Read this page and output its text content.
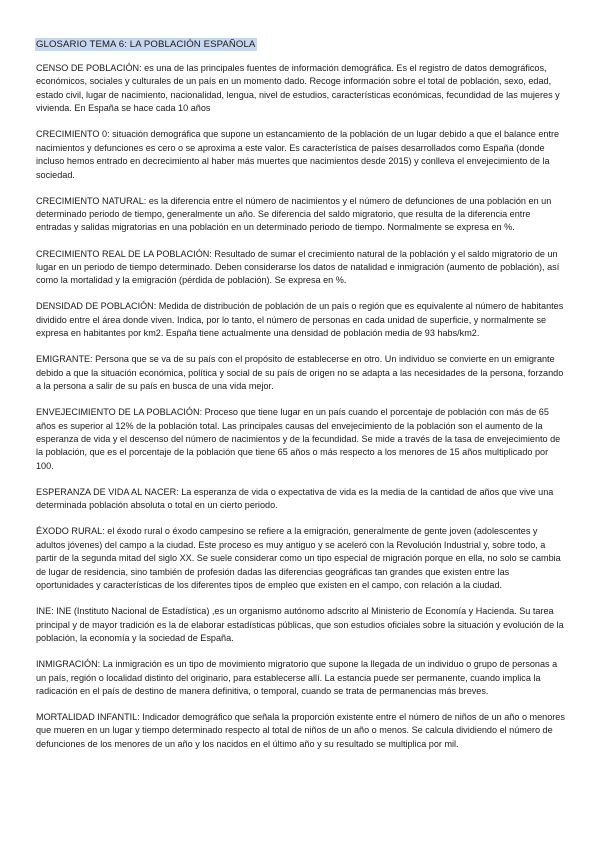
GLOSARIO TEMA 6: LA POBLACIÓN ESPAÑOLA
CENSO DE POBLACIÓN: es una de las principales fuentes de información demográfica. Es el registro de datos demográficos, económicos, sociales y culturales de un país en un momento dado. Recoge información sobre el total de población, sexo, edad, estado civil, lugar de nacimiento, nacionalidad, lengua, nivel de estudios, características económicas, fecundidad de las mujeres y vivienda. En España se hace cada 10 años
CRECIMIENTO 0: situación demográfica que supone un estancamiento de la población de un lugar debido a que el balance entre nacimientos y defunciones es cero o se aproxima a este valor. Es característica de países desarrollados como España (donde incluso hemos entrado en decrecimiento al haber más muertes que nacimientos desde 2015) y conlleva el envejecimiento de la sociedad.
CRECIMIENTO NATURAL: es la diferencia entre el número de nacimientos y el número de defunciones de una población en un determinado periodo de tiempo, generalmente un año. Se diferencia del saldo migratorio, que resulta de la diferencia entre entradas y salidas migratorias en una población en un determinado periodo de tiempo. Normalmente se expresa en %.
CRECIMIENTO REAL DE LA POBLACIÓN: Resultado de sumar el crecimiento natural de la población y el saldo migratorio de un lugar en un periodo de tiempo determinado. Deben considerarse los datos de natalidad e inmigración (aumento de población), así como la mortalidad y la emigración (pérdida de población). Se expresa en %.
DENSIDAD DE POBLACIÓN: Medida de distribución de población de un país o región que es equivalente al número de habitantes dividido entre el área donde viven. Indica, por lo tanto, el número de personas en cada unidad de superficie, y normalmente se expresa en habitantes por km2. España tiene actualmente una densidad de población media de 93 habs/km2.
EMIGRANTE: Persona que se va de su país con el propósito de establecerse en otro. Un individuo se convierte en un emigrante debido a que la situación económica, política y social de su país de origen no se adapta a las necesidades de la persona, forzando a la persona a salir de su país en busca de una vida mejor.
ENVEJECIMIENTO DE LA POBLACIÓN: Proceso que tiene lugar en un país cuando el porcentaje de población con más de 65 años es superior al 12% de la población total. Las principales causas del envejecimiento de la población son el aumento de la esperanza de vida y el descenso del número de nacimientos y de la fecundidad. Se mide a través de la tasa de envejecimiento de la población, que es el porcentaje de la población que tiene 65 años o más respecto a los menores de 15 años multiplicado por 100.
ESPERANZA DE VIDA AL NACER: La esperanza de vida o expectativa de vida es la media de la cantidad de años que vive una determinada población absoluta o total en un cierto periodo.
ÉXODO RURAL: el éxodo rural o éxodo campesino se refiere a la emigración, generalmente de gente joven (adolescentes y adultos jóvenes) del campo a la ciudad. Este proceso es muy antiguo y se aceleró con la Revolución Industrial y, sobre todo, a partir de la segunda mitad del siglo XX. Se suele considerar como un tipo especial de migración porque en ella, no solo se cambia de lugar de residencia, sino también de profesión dadas las diferencias geográficas tan grandes que existen entre las oportunidades y características de los diferentes tipos de empleo que existen en el campo, con relación a la ciudad.
INE: INE (Instituto Nacional de Estadística) ,es un organismo autónomo adscrito al Ministerio de Economía y Hacienda. Su tarea principal y de mayor tradición es la de elaborar estadísticas públicas, que son estudios oficiales sobre la situación y evolución de la población, la economía y la sociedad de España.
INMIGRACIÓN: La inmigración es un tipo de movimiento migratorio que supone la llegada de un individuo o grupo de personas a un país, región o localidad distinto del originario, para establecerse allí. La estancia puede ser permanente, cuando implica la radicación en el país de destino de manera definitiva, o temporal, cuando se trata de permanencias más breves.
MORTALIDAD INFANTIL: Indicador demográfico que señala la proporción existente entre el número de niños de un año o menores que mueren en un lugar y tiempo determinado respecto al total de niños de un año o menos. Se calcula dividiendo el número de defunciones de los menores de un año y los nacidos en el último año y su resultado se multiplica por mil.
